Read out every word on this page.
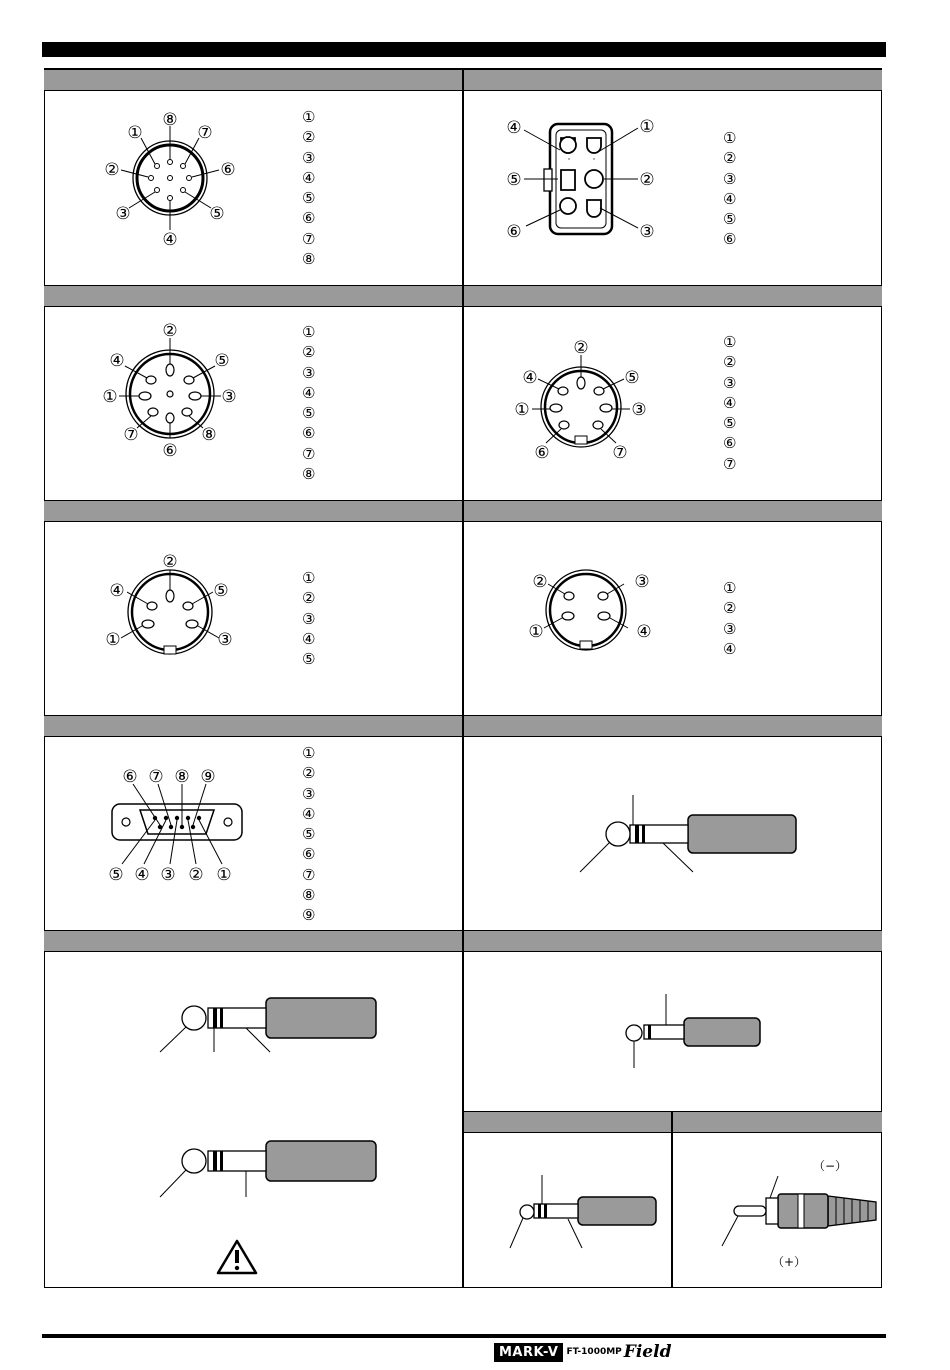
①
②
③
④
⑤
⑥
⑦
⑧	①
②
③
④
⑤
⑥
⑦
⑧
①
②
③
④
⑤
⑥
①
②
③
④
⑤
⑥
①
②
③
④	⑤
⑥
⑦	⑧
①
②
③
④
⑤
⑥
⑦
⑧
①
②
③
④	⑤
⑥	⑦
①
②
③
④
⑤
⑥
⑦
①
②
③
④	⑤
①
②
③
④
⑤
①
②	③
④
①
②
③
④
⑥ ⑦ ⑧ ⑨
⑤ ④ ③ ② ①
①
②
③
④
⑤
⑥
⑦
⑧
⑨
（−）
（+）
MARK-V FT-1000MP Field
